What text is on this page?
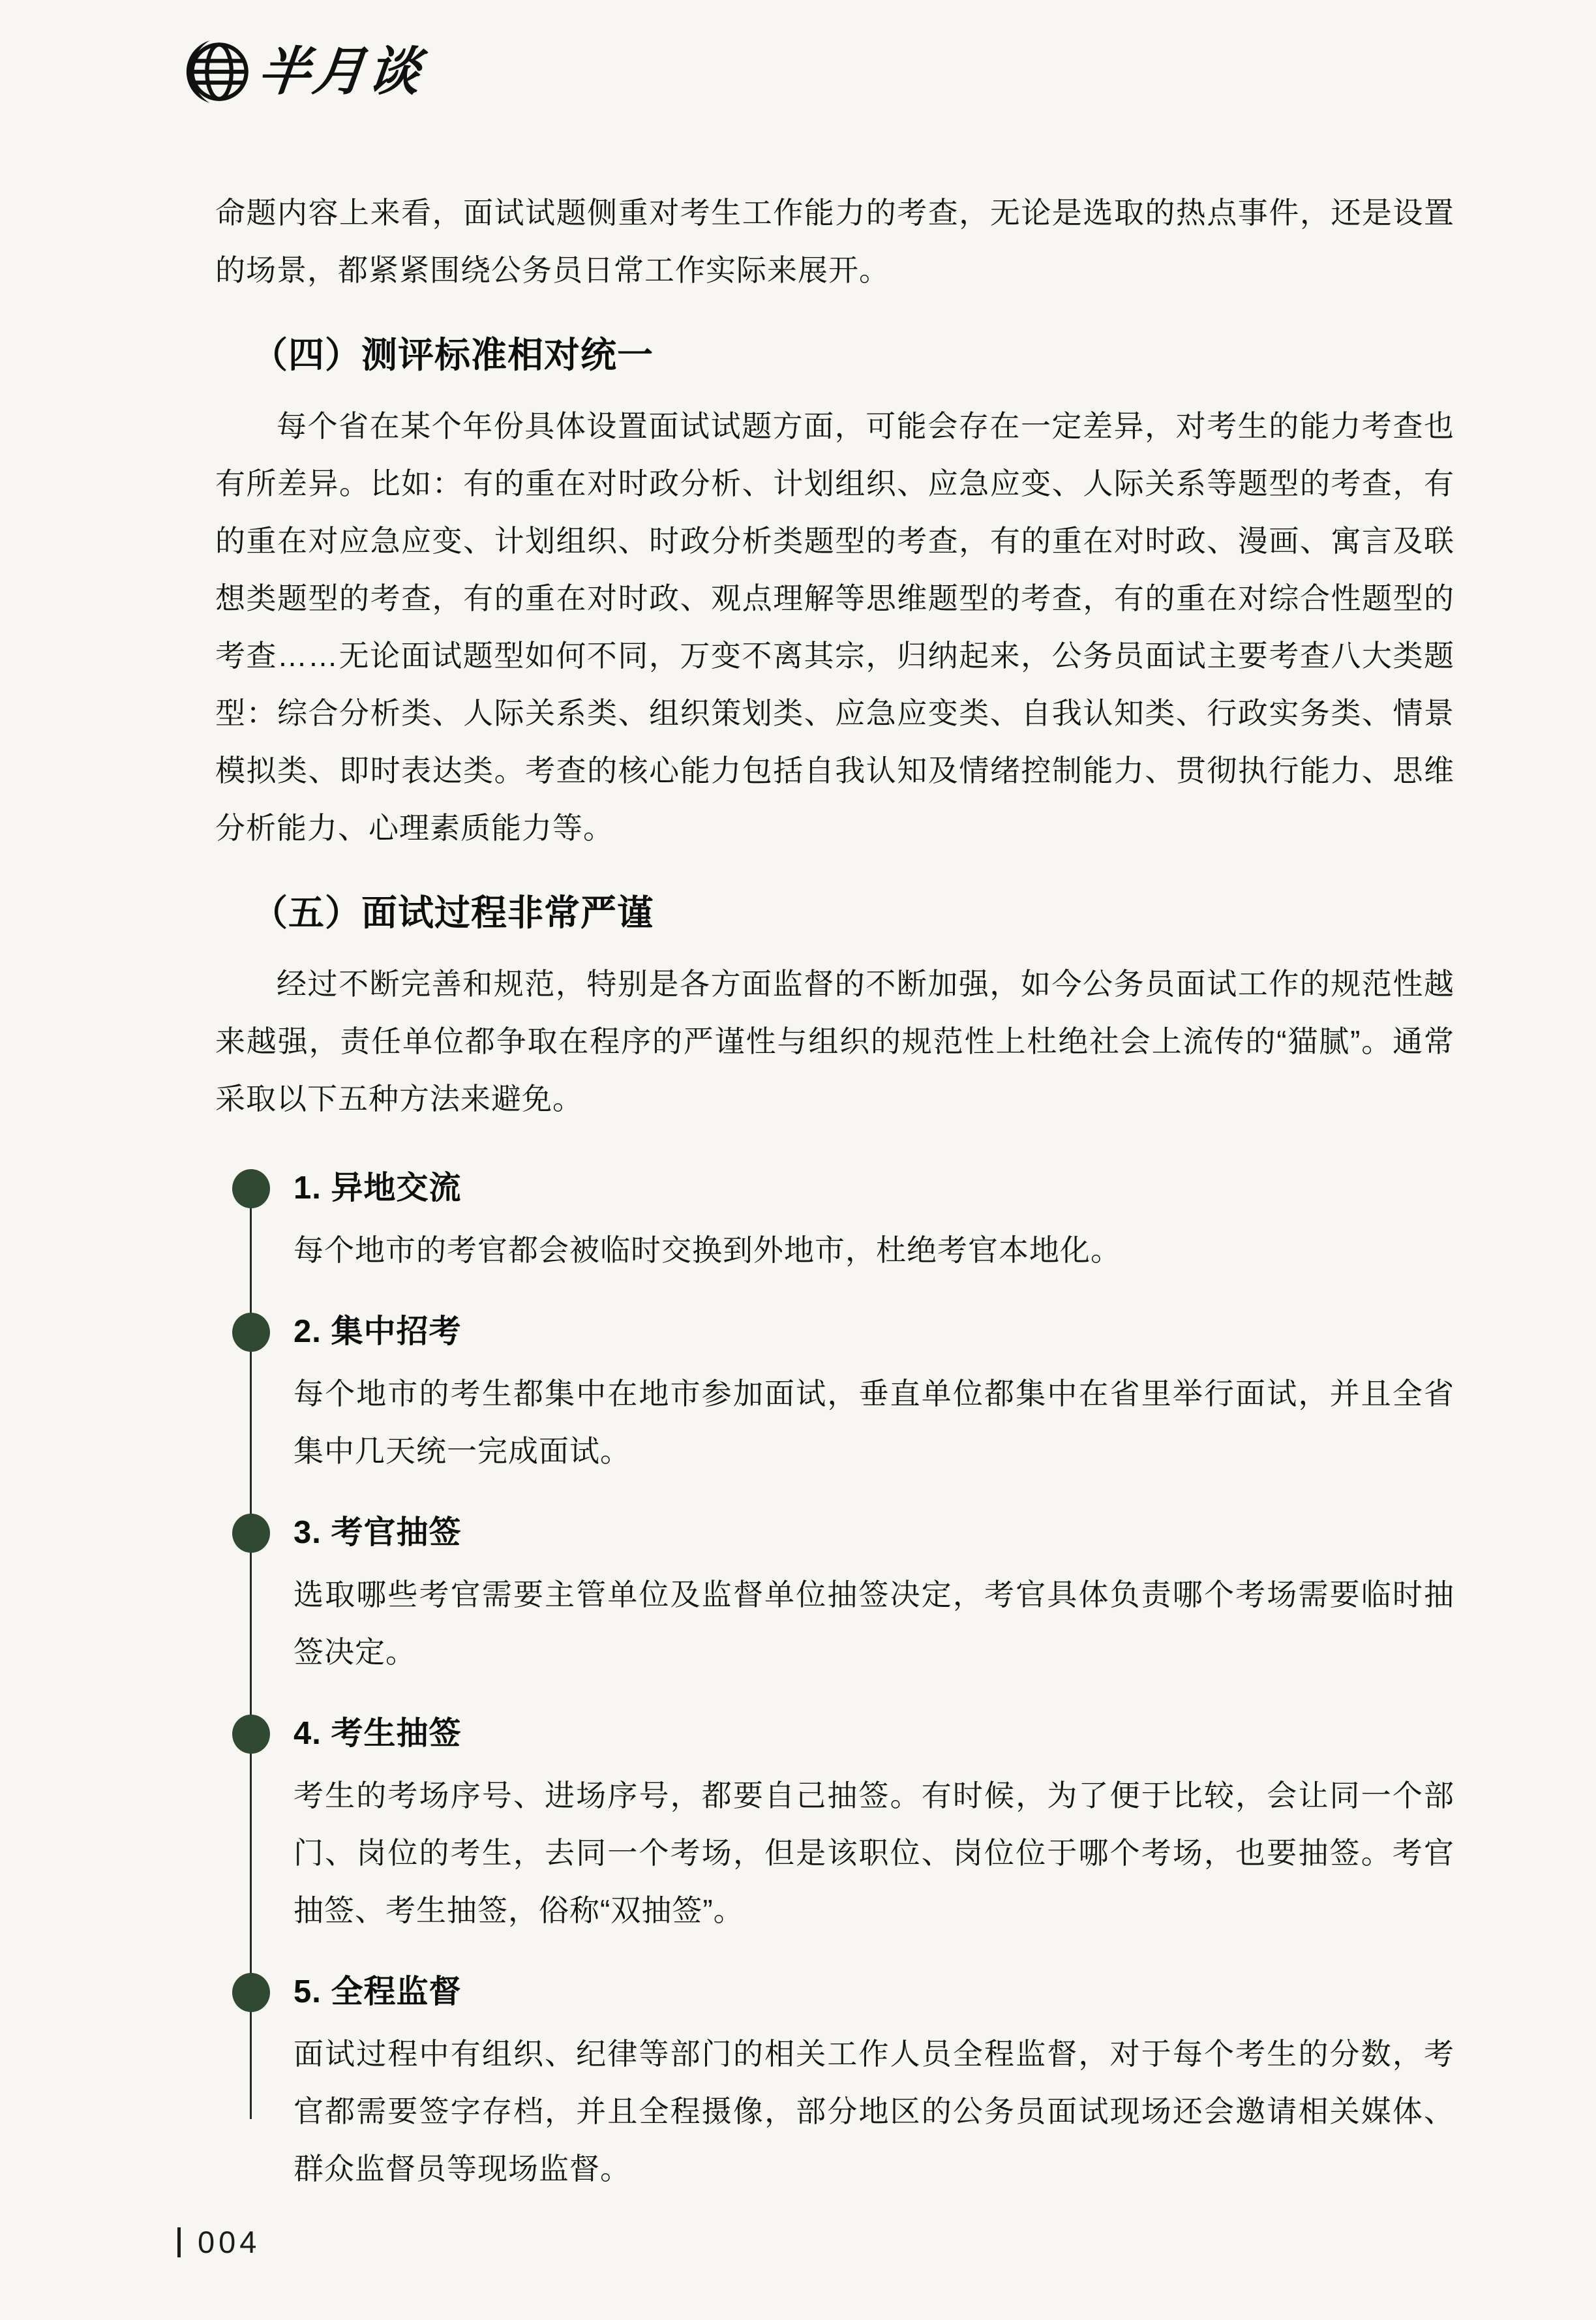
半月谈

命题内容上来看，面试试题侧重对考生工作能力的考查，无论是选取的热点事件，还是设置的场景，都紧紧围绕公务员日常工作实际来展开。

（四）测评标准相对统一

每个省在某个年份具体设置面试试题方面，可能会存在一定差异，对考生的能力考查也有所差异。比如：有的重在对时政分析、计划组织、应急应变、人际关系等题型的考查，有的重在对应急应变、计划组织、时政分析类题型的考查，有的重在对时政、漫画、寓言及联想类题型的考查，有的重在对时政、观点理解等思维题型的考查，有的重在对综合性题型的考查……无论面试题型如何不同，万变不离其宗，归纳起来，公务员面试主要考查八大类题型：综合分析类、人际关系类、组织策划类、应急应变类、自我认知类、行政实务类、情景模拟类、即时表达类。考查的核心能力包括自我认知及情绪控制能力、贯彻执行能力、思维分析能力、心理素质能力等。

（五）面试过程非常严谨

经过不断完善和规范，特别是各方面监督的不断加强，如今公务员面试工作的规范性越来越强，责任单位都争取在程序的严谨性与组织的规范性上杜绝社会上流传的“猫腻”。通常采取以下五种方法来避免。

1. 异地交流

每个地市的考官都会被临时交换到外地市，杜绝考官本地化。

2. 集中招考

每个地市的考生都集中在地市参加面试，垂直单位都集中在省里举行面试，并且全省集中几天统一完成面试。

3. 考官抽签

选取哪些考官需要主管单位及监督单位抽签决定，考官具体负责哪个考场需要临时抽签决定。

4. 考生抽签

考生的考场序号、进场序号，都要自己抽签。有时候，为了便于比较，会让同一个部门、岗位的考生，去同一个考场，但是该职位、岗位位于哪个考场，也要抽签。考官抽签、考生抽签，俗称“双抽签”。

5. 全程监督

面试过程中有组织、纪律等部门的相关工作人员全程监督，对于每个考生的分数，考官都需要签字存档，并且全程摄像，部分地区的公务员面试现场还会邀请相关媒体、群众监督员等现场监督。

004
